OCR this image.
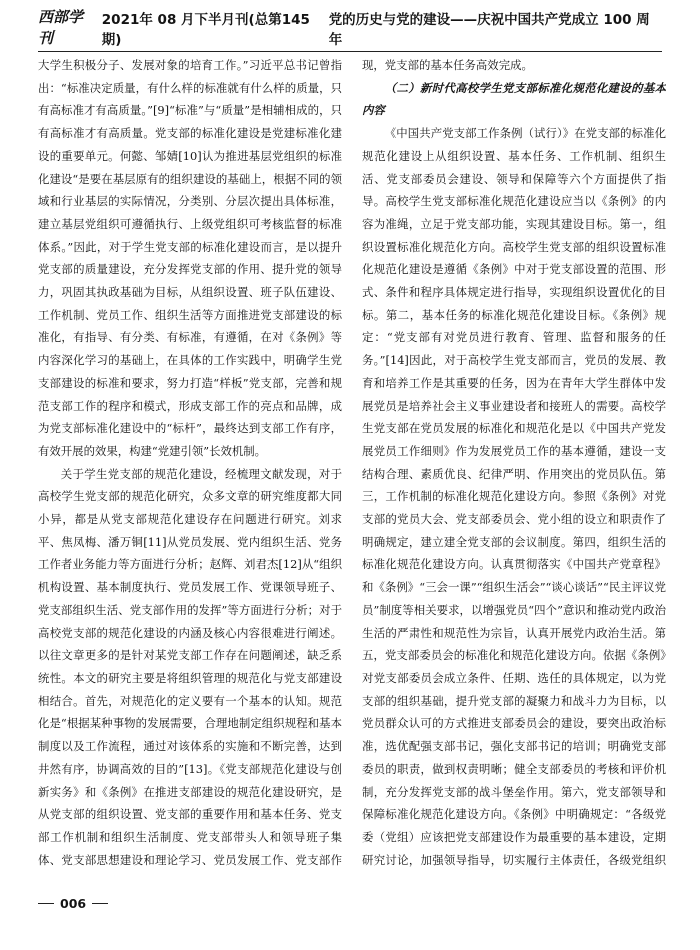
西部学刊
2021年 08 月下半月刊(总第145期)
党的历史与党的建设——庆祝中国共产党成立 100 周年

大学生积极分子、发展对象的培育工作。”习近平总书记曾指出：“标准决定质量，有什么样的标准就有什么样的质量，只有高标准才有高质量。”[9]“标准”与“质量”是相辅相成的，只有高标准才有高质量。党支部的标准化建设是党建标准化建设的重要单元。何懿、邹婧[10]认为推进基层党组织的标准化建设“是要在基层原有的组织建设的基础上，根据不同的领域和行业基层的实际情况，分类别、分层次提出具体标准，建立基层党组织可遵循执行、上级党组织可考核监督的标准体系。”因此，对于学生党支部的标准化建设而言，是以提升党支部的质量建设，充分发挥党支部的作用、提升党的领导力，巩固其执政基础为目标，从组织设置、班子队伍建设、工作机制、党员工作、组织生活等方面推进党支部建设的标准化，有指导、有分类、有标准，有遵循，在对《条例》等内容深化学习的基础上，在具体的工作实践中，明确学生党支部建设的标准和要求，努力打造“样板”党支部，完善和规范支部工作的程序和模式，形成支部工作的亮点和品牌，成为党支部标准化建设中的“标杆”，最终达到支部工作有序，有效开展的效果，构建“党建引领”长效机制。

关于学生党支部的规范化建设，经梳理文献发现，对于高校学生党支部的规范化研究，众多文章的研究维度都大同小异，都是从党支部规范化建设存在问题进行研究。刘求平、焦凤梅、潘万铜[11]从党员发展、党内组织生活、党务工作者业务能力等方面进行分析；赵辉、刘君杰[12]从“组织机构设置、基本制度执行、党员发展工作、党课领导班子、党支部组织生活、党支部作用的发挥”等方面进行分析；对于高校党支部的规范化建设的内涵及核心内容很难进行阐述。以往文章更多的是针对某党支部工作存在问题阐述，缺乏系统性。本文的研究主要是将组织管理的规范化与党支部建设相结合。首先，对规范化的定义要有一个基本的认知。规范化是“根据某种事物的发展需要，合理地制定组织规程和基本制度以及工作流程，通过对该体系的实施和不断完善，达到井然有序，协调高效的目的”[13]。《党支部规范化建设与创新实务》和《条例》在推进支部建设的规范化建设研究，是从党支部的组织设置、党支部的重要作用和基本任务、党支部工作机制和组织生活制度、党支部带头人和领导班子集体、党支部思想建设和理论学习、党员发展工作、党支部作

现，党支部的基本任务高效完成。

（二）新时代高校学生党支部标准化规范化建设的基本内容

《中国共产党支部工作条例（试行）》在党支部的标准化规范化建设上从组织设置、基本任务、工作机制、组织生活、党支部委员会建设、领导和保障等六个方面提供了指导。高校学生党支部标准化规范化建设应当以《条例》的内容为准绳，立足于党支部功能，实现其建设目标。第一，组织设置标准化规范化方向。高校学生党支部的组织设置标准化规范化建设是遵循《条例》中对于党支部设置的范围、形式、条件和程序具体规定进行指导，实现组织设置优化的目标。第二，基本任务的标准化规范化建设目标。《条例》规定：“党支部有对党员进行教育、管理、监督和服务的任务。”[14]因此，对于高校学生党支部而言，党员的发展、教育和培养工作是其重要的任务，因为在青年大学生群体中发展党员是培养社会主义事业建设者和接班人的需要。高校学生党支部在党员发展的标准化和规范化是以《中国共产党发展党员工作细则》作为发展党员工作的基本遵循，建设一支结构合理、素质优良、纪律严明、作用突出的党员队伍。第三，工作机制的标准化规范化建设方向。参照《条例》对党支部的党员大会、党支部委员会、党小组的设立和职责作了明确规定，建立建全党支部的会议制度。第四，组织生活的标准化规范化建设方向。认真贯彻落实《中国共产党章程》和《条例》“三会一课”“组织生活会”“谈心谈话”“民主评议党员”制度等相关要求，以增强党员“四个”意识和推动党内政治生活的严肃性和规范性为宗旨，认真开展党内政治生活。第五，党支部委员会的标准化和规范化建设方向。依据《条例》对党支部委员会成立条件、任期、选任的具体规定，以为党支部的组织基础，提升党支部的凝聚力和战斗力为目标，以党员群众认可的方式推进支部委员会的建设，要突出政治标准，选优配强支部书记，强化支部书记的培训；明确党支部委员的职责，做到权责明晰；健全支部委员的考核和评价机制，充分发挥党支部的战斗堡垒作用。第六，党支部领导和保障标准化规范化建设方向。《条例》中明确规定：“各级党委（党组）应该把党支部建设作为最重要的基本建设，定期研究讨论，加强领导指导，切实履行主体责任，各级党组织

006
